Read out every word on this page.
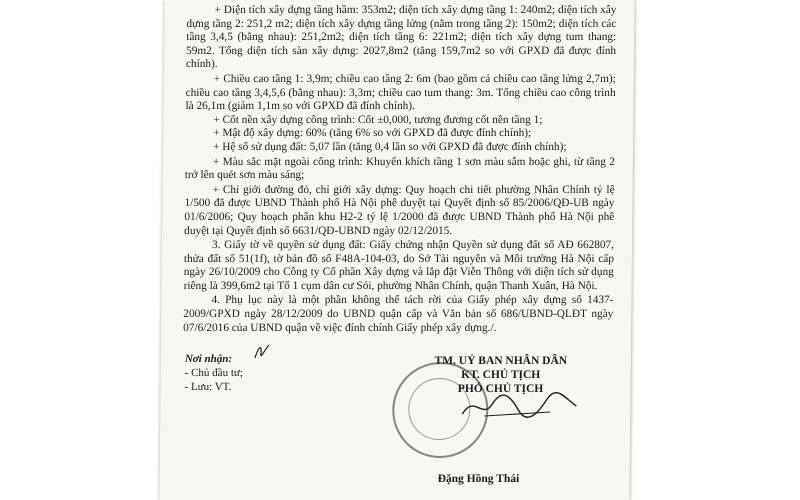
+ Diện tích xây dựng tầng hầm: 353m2; diện tích xây dựng tầng 1: 240m2; diện tích xây dựng tầng 2: 251,2 m2; diện tích xây dựng tầng lửng (nằm trong tầng 2): 150m2; diện tích các tầng 3,4,5 (bằng nhau): 251,2m2; diện tích tầng 6: 221m2; diện tích xây dựng tum thang: 59m2. Tổng diện tích sàn xây dựng: 2027,8m2 (tăng 159,7m2 so với GPXD đã được đính chính).

+ Chiều cao tầng 1: 3,9m; chiều cao tầng 2: 6m (bao gồm cả chiều cao tầng lửng 2,7m); chiều cao tầng 3,4,5,6 (bằng nhau): 3,3m; chiều cao tum thang: 3m. Tổng chiều cao công trình là 26,1m (giảm 1,1m so với GPXD đã đính chính).

+ Cốt nền xây dựng công trình: Cốt ±0,000, tương đương cốt nền tầng 1;

+ Mật độ xây dựng: 60% (tăng 6% so với GPXD đã được đính chính);

+ Hệ số sử dụng đất: 5,07 lần (tăng 0,4 lần so với GPXD đã được đính chính);

+ Màu sắc mặt ngoài công trình: Khuyến khích tầng 1 sơn màu sẫm hoặc ghi, từ tầng 2 trở lên quét sơn màu sáng;

+ Chỉ giới đường đỏ, chỉ giới xây dựng: Quy hoạch chi tiết phường Nhân Chính tỷ lệ 1/500 đã được UBND Thành phố Hà Nội phê duyệt tại Quyết định số 85/2006/QĐ-UB ngày 01/6/2006; Quy hoạch phân khu H2-2 tỷ lệ 1/2000 đã được UBND Thành phố Hà Nội phê duyệt tại Quyết định số 6631/QĐ-UBND ngày 02/12/2015.

3. Giấy tờ về quyền sử dụng đất: Giấy chứng nhận Quyền sử dụng đất số AĐ 662807, thửa đất số 51(1f), tờ bản đồ số F48A-104-03, do Sở Tài nguyên và Môi trường Hà Nội cấp ngày 26/10/2009 cho Công ty Cổ phần Xây dựng và lắp đặt Viễn Thông với diện tích sử dụng riêng là 399,6m2 tại Tổ 1 cụm dân cư Sỏi, phường Nhân Chính, quận Thanh Xuân, Hà Nội.

4. Phụ lục này là một phần không thể tách rời của Giấy phép xây dựng số 1437-2009/GPXD ngày 28/12/2009 do UBND quận cấp và Văn bản số 686/UBND-QLĐT ngày 07/6/2016 của UBND quận về việc đính chính Giấy phép xây dựng./.

Nơi nhận:
- Chủ đầu tư;
- Lưu: VT.
TM. UỶ BAN NHÂN DÂN
KT. CHỦ TỊCH
PHÓ CHỦ TỊCH
Đặng Hồng Thái
